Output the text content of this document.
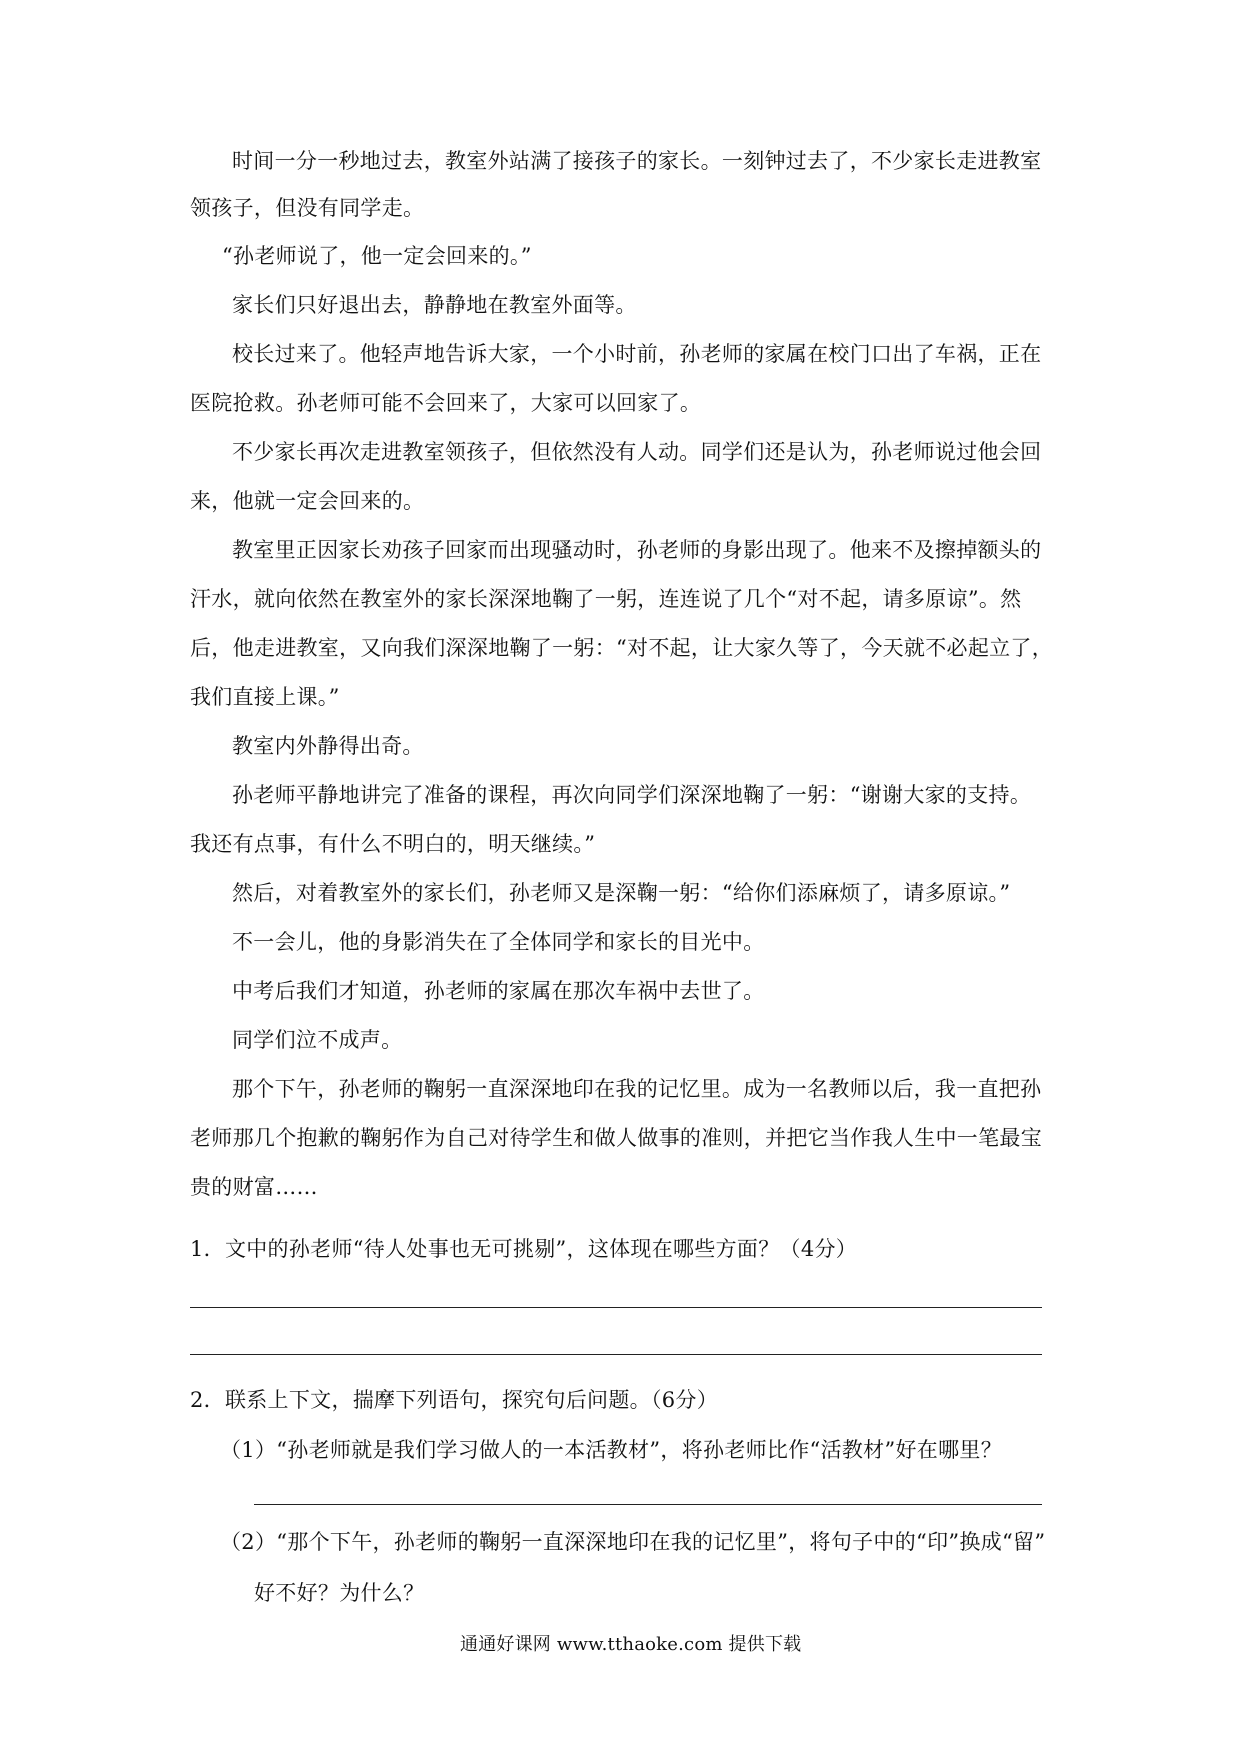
时间一分一秒地过去，教室外站满了接孩子的家长。一刻钟过去了，不少家长走进教室
领孩子，但没有同学走。
“孙老师说了，他一定会回来的。”
家长们只好退出去，静静地在教室外面等。
校长过来了。他轻声地告诉大家，一个小时前，孙老师的家属在校门口出了车祸，正在
医院抢救。孙老师可能不会回来了，大家可以回家了。
不少家长再次走进教室领孩子，但依然没有人动。同学们还是认为，孙老师说过他会回
来，他就一定会回来的。
教室里正因家长劝孩子回家而出现骚动时，孙老师的身影出现了。他来不及擦掉额头的
汗水，就向依然在教室外的家长深深地鞠了一躬，连连说了几个“对不起，请多原谅”。然
后，他走进教室，又向我们深深地鞠了一躬：“对不起，让大家久等了，今天就不必起立了，
我们直接上课。”
教室内外静得出奇。
孙老师平静地讲完了准备的课程，再次向同学们深深地鞠了一躬：“谢谢大家的支持。
我还有点事，有什么不明白的，明天继续。”
然后，对着教室外的家长们，孙老师又是深鞠一躬：“给你们添麻烦了，请多原谅。”
不一会儿，他的身影消失在了全体同学和家长的目光中。
中考后我们才知道，孙老师的家属在那次车祸中去世了。
同学们泣不成声。
那个下午，孙老师的鞠躬一直深深地印在我的记忆里。成为一名教师以后，我一直把孙
老师那几个抱歉的鞠躬作为自己对待学生和做人做事的准则，并把它当作我人生中一笔最宝
贵的财富……
1．文中的孙老师“待人处事也无可挑剔”，这体现在哪些方面？（4分）
2．联系上下文，揣摩下列语句，探究句后问题。（6分）
（1）“孙老师就是我们学习做人的一本活教材”，将孙老师比作“活教材”好在哪里？
（2）“那个下午，孙老师的鞠躬一直深深地印在我的记忆里”，将句子中的“印”换成“留”
好不好？为什么？
通通好课网 www.tthaoke.com 提供下载
